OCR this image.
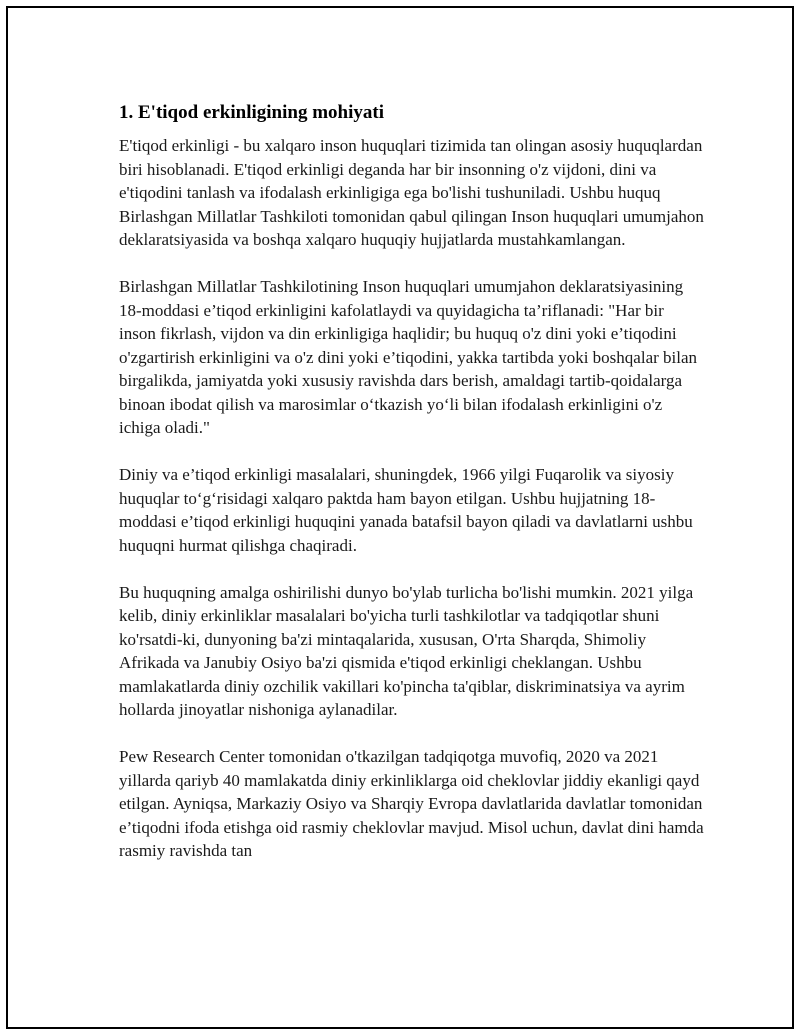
1. E'tiqod erkinligining mohiyati

E'tiqod erkinligi - bu xalqaro inson huquqlari tizimida tan olingan asosiy huquqlardan biri hisoblanadi. E'tiqod erkinligi deganda har bir insonning o'z vijdoni, dini va e'tiqodini tanlash va ifodalash erkinligiga ega bo'lishi tushuniladi. Ushbu huquq Birlashgan Millatlar Tashkiloti tomonidan qabul qilingan Inson huquqlari umumjahon deklaratsiyasida va boshqa xalqaro huquqiy hujjatlarda mustahkamlangan.

Birlashgan Millatlar Tashkilotining Inson huquqlari umumjahon deklaratsiyasining 18-moddasi e’tiqod erkinligini kafolatlaydi va quyidagicha ta’riflanadi: "Har bir inson fikrlash, vijdon va din erkinligiga haqlidir; bu huquq o'z dini yoki e’tiqodini o'zgartirish erkinligini va o'z dini yoki e’tiqodini, yakka tartibda yoki boshqalar bilan birgalikda, jamiyatda yoki xususiy ravishda dars berish, amaldagi tartib-qoidalarga binoan ibodat qilish va marosimlar o‘tkazish yo‘li bilan ifodalash erkinligini o'z ichiga oladi."

Diniy va e’tiqod erkinligi masalalari, shuningdek, 1966 yilgi Fuqarolik va siyosiy huquqlar to‘g‘risidagi xalqaro paktda ham bayon etilgan. Ushbu hujjatning 18-moddasi e’tiqod erkinligi huquqini yanada batafsil bayon qiladi va davlatlarni ushbu huquqni hurmat qilishga chaqiradi.

Bu huquqning amalga oshirilishi dunyo bo'ylab turlicha bo'lishi mumkin. 2021 yilga kelib, diniy erkinliklar masalalari bo'yicha turli tashkilotlar va tadqiqotlar shuni ko'rsatdi-ki, dunyoning ba'zi mintaqalarida, xususan, O'rta Sharqda, Shimoliy Afrikada va Janubiy Osiyo ba'zi qismida e'tiqod erkinligi cheklangan. Ushbu mamlakatlarda diniy ozchilik vakillari ko'pincha ta'qiblar, diskriminatsiya va ayrim hollarda jinoyatlar nishoniga aylanadilar.

Pew Research Center tomonidan o'tkazilgan tadqiqotga muvofiq, 2020 va 2021 yillarda qariyb 40 mamlakatda diniy erkinliklarga oid cheklovlar jiddiy ekanligi qayd etilgan. Ayniqsa, Markaziy Osiyo va Sharqiy Evropa davlatlarida davlatlar tomonidan e’tiqodni ifoda etishga oid rasmiy cheklovlar mavjud. Misol uchun, davlat dini hamda rasmiy ravishda tan
